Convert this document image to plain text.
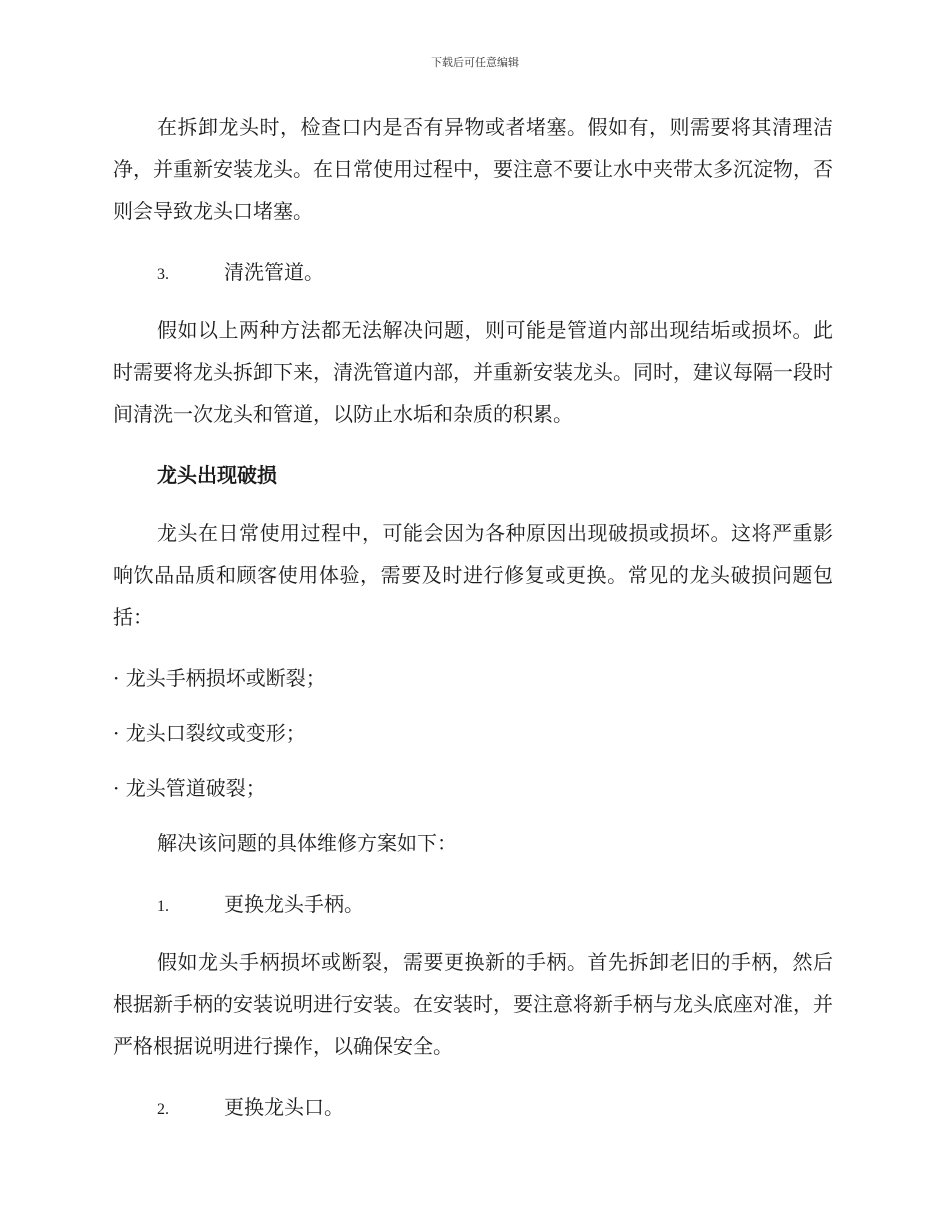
下载后可任意编辑

在拆卸龙头时，检查口内是否有异物或者堵塞。假如有，则需要将其清理洁净，并重新安装龙头。在日常使用过程中，要注意不要让水中夹带太多沉淀物，否则会导致龙头口堵塞。

3.	清洗管道。

假如以上两种方法都无法解决问题，则可能是管道内部出现结垢或损坏。此时需要将龙头拆卸下来，清洗管道内部，并重新安装龙头。同时，建议每隔一段时间清洗一次龙头和管道，以防止水垢和杂质的积累。

龙头出现破损

龙头在日常使用过程中，可能会因为各种原因出现破损或损坏。这将严重影响饮品品质和顾客使用体验，需要及时进行修复或更换。常见的龙头破损问题包括：

· 龙头手柄损坏或断裂；
· 龙头口裂纹或变形；
· 龙头管道破裂；

解决该问题的具体维修方案如下：

1.	更换龙头手柄。

假如龙头手柄损坏或断裂，需要更换新的手柄。首先拆卸老旧的手柄，然后根据新手柄的安装说明进行安装。在安装时，要注意将新手柄与龙头底座对准，并严格根据说明进行操作，以确保安全。

2.	更换龙头口。
